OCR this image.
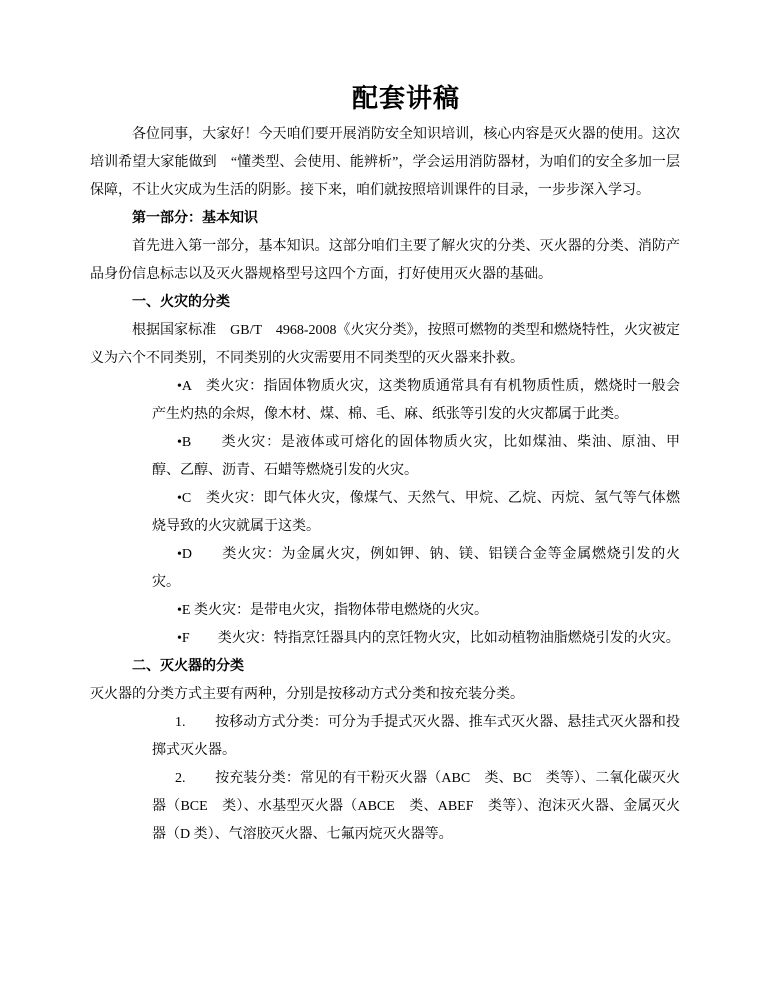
配套讲稿

各位同事，大家好！今天咱们要开展消防安全知识培训，核心内容是灭火器的使用。这次培训希望大家能做到　“懂类型、会使用、能辨析”，学会运用消防器材，为咱们的安全多加一层保障，不让火灾成为生活的阴影。接下来，咱们就按照培训课件的目录，一步步深入学习。

第一部分：基本知识

首先进入第一部分，基本知识。这部分咱们主要了解火灾的分类、灭火器的分类、消防产品身份信息标志以及灭火器规格型号这四个方面，打好使用灭火器的基础。

一、火灾的分类

根据国家标准　GB/T　4968-2008《火灾分类》，按照可燃物的类型和燃烧特性，火灾被定义为六个不同类别，不同类别的火灾需要用不同类型的灭火器来扑救。

•A　类火灾：指固体物质火灾，这类物质通常具有有机物质性质，燃烧时一般会产生灼热的余烬，像木材、煤、棉、毛、麻、纸张等引发的火灾都属于此类。

•B　　类火灾：是液体或可熔化的固体物质火灾，比如煤油、柴油、原油、甲醇、乙醇、沥青、石蜡等燃烧引发的火灾。

•C　类火灾：即气体火灾，像煤气、天然气、甲烷、乙烷、丙烷、氢气等气体燃烧导致的火灾就属于这类。

•D　　类火灾：为金属火灾，例如钾、钠、镁、铝镁合金等金属燃烧引发的火灾。

•E 类火灾：是带电火灾，指物体带电燃烧的火灾。

•F　　类火灾：特指烹饪器具内的烹饪物火灾，比如动植物油脂燃烧引发的火灾。

二、灭火器的分类

灭火器的分类方式主要有两种，分别是按移动方式分类和按充装分类。

1. 按移动方式分类：可分为手提式灭火器、推车式灭火器、悬挂式灭火器和投掷式灭火器。

2. 按充装分类：常见的有干粉灭火器（ABC　类、BC　类等）、二氧化碳灭火器（BCE　类）、水基型灭火器（ABCE　类、ABEF　类等）、泡沫灭火器、金属灭火器（D 类）、气溶胶灭火器、七氟丙烷灭火器等。
